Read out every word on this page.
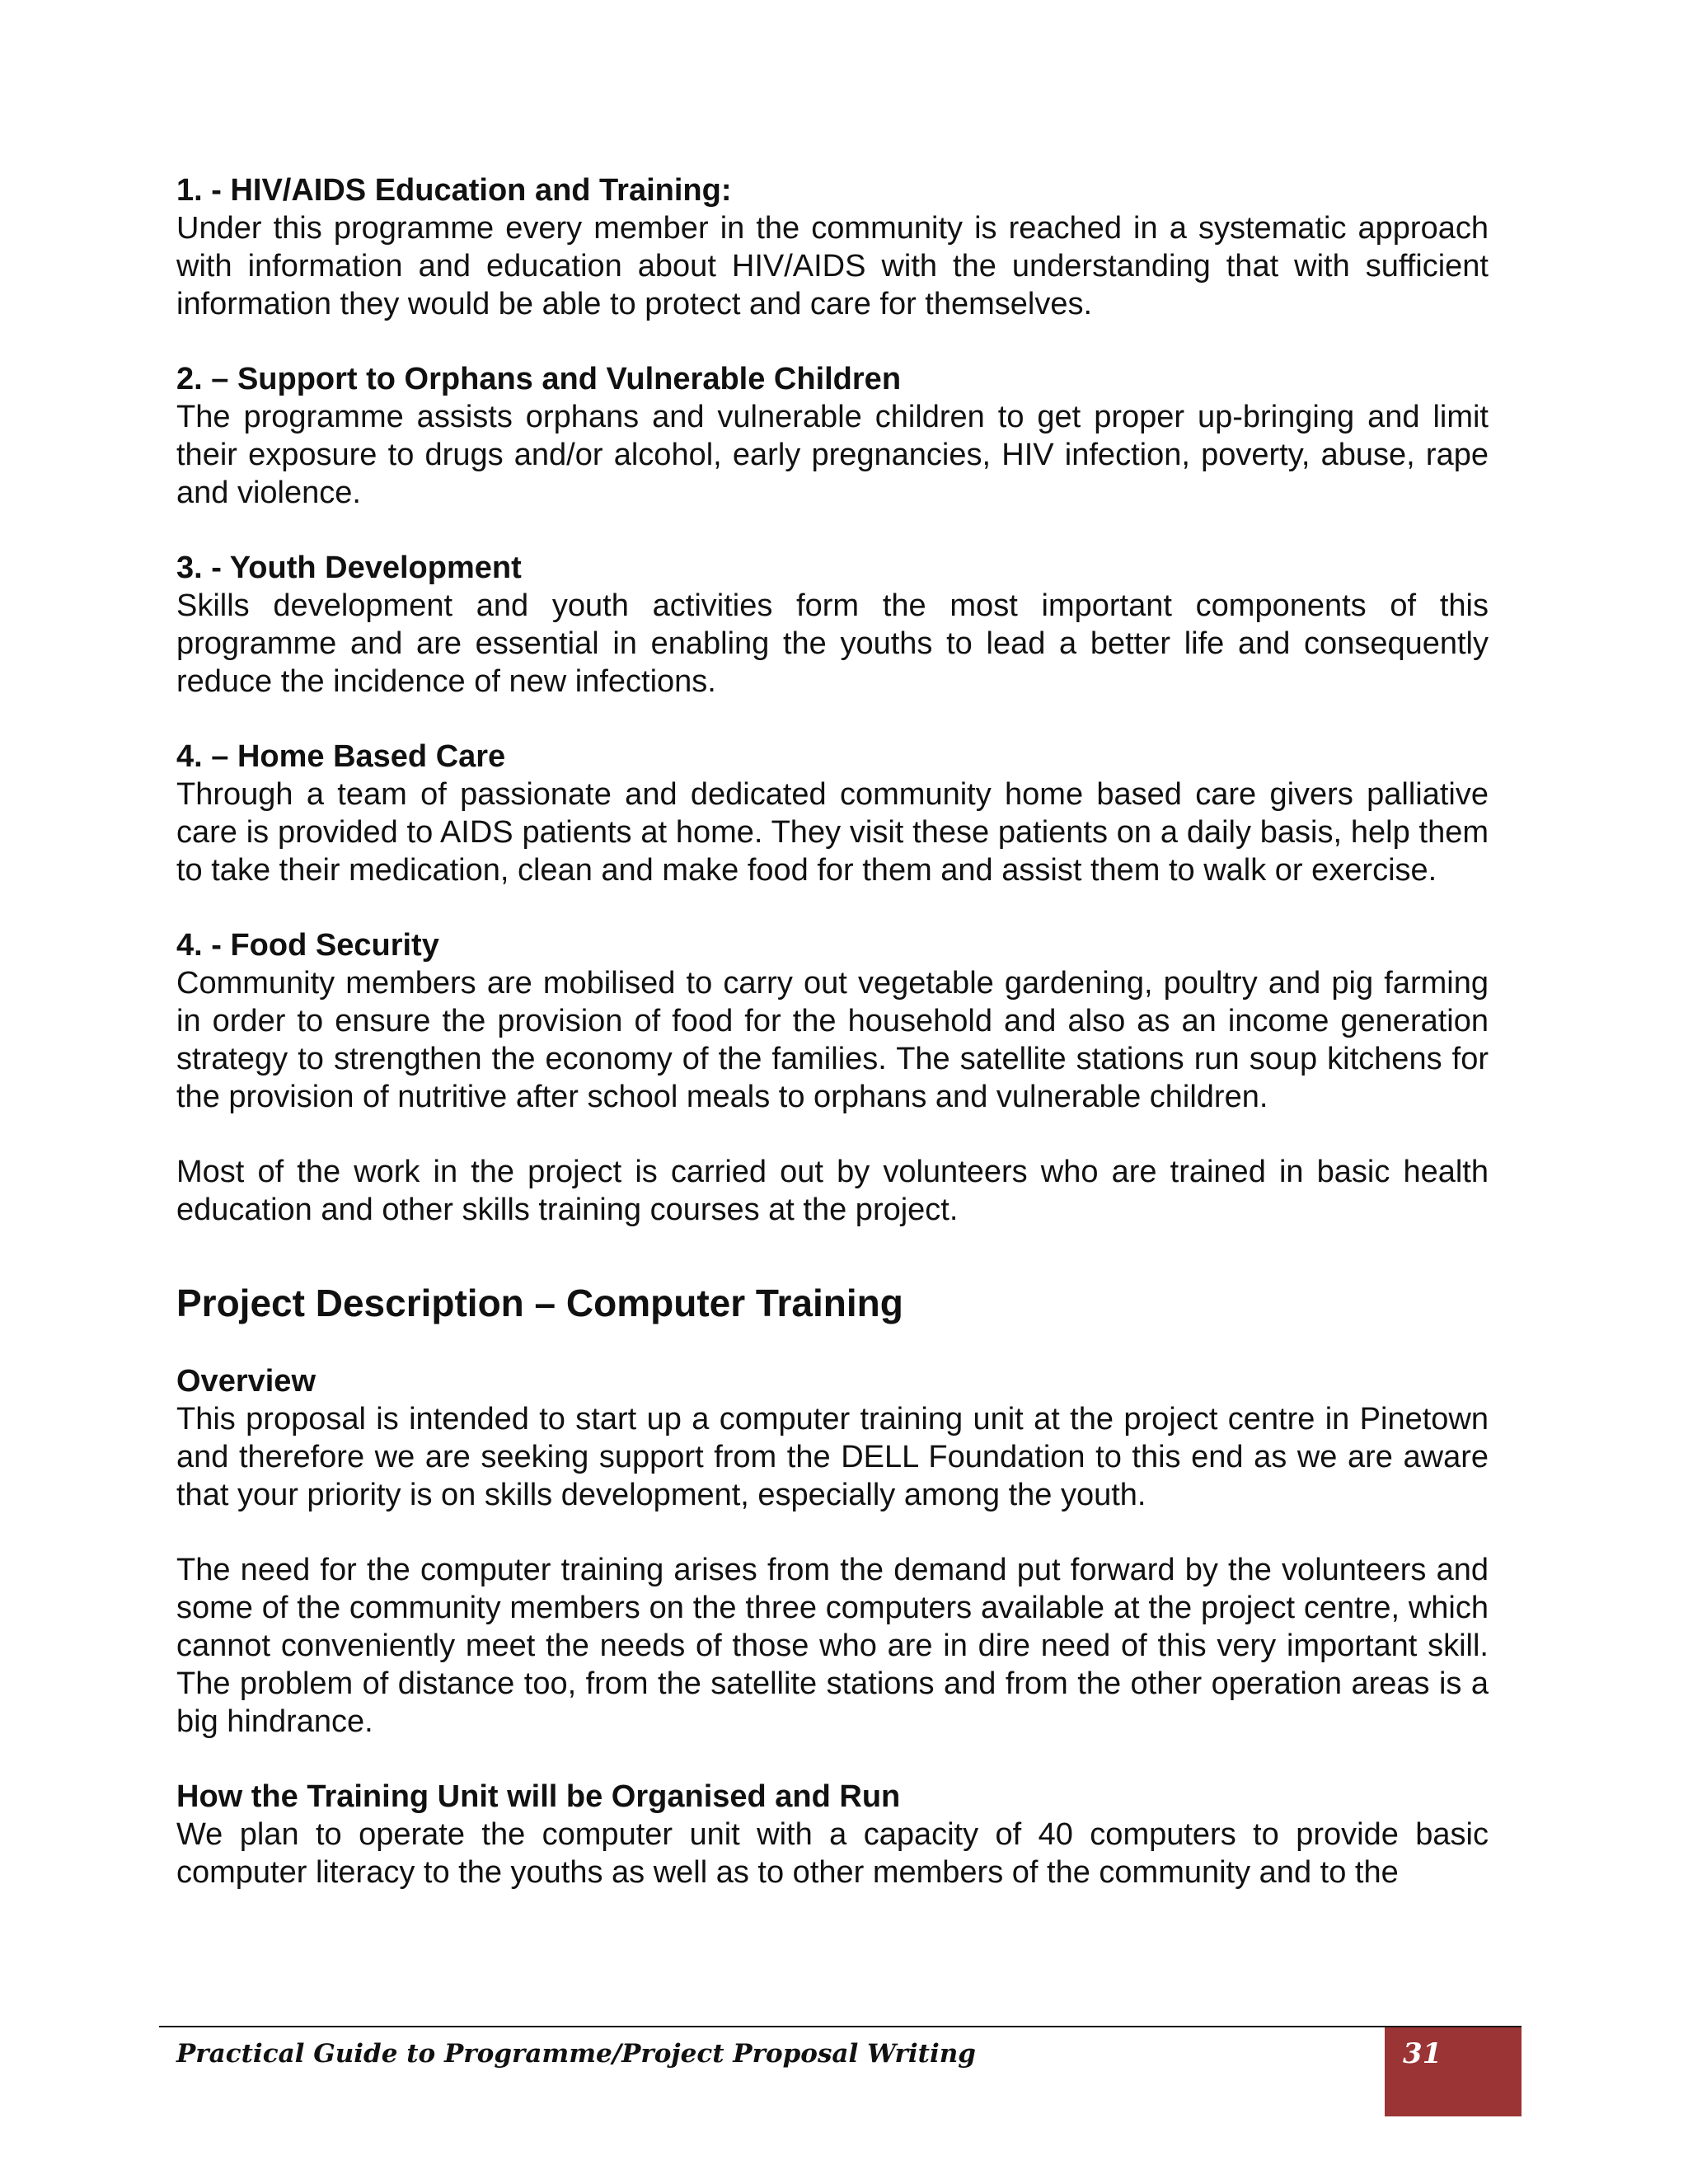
1. - HIV/AIDS Education and Training:

Under this programme every member in the community is reached in a systematic approach with information and education about HIV/AIDS with the understanding that with sufficient information they would be able to protect and care for themselves.

2. – Support to Orphans and Vulnerable Children

The programme assists orphans and vulnerable children to get proper up-bringing and limit their exposure to drugs and/or alcohol, early pregnancies, HIV infection, poverty, abuse, rape and violence.

3. - Youth Development

Skills development and youth activities form the most important components of this programme and are essential in enabling the youths to lead a better life and consequently reduce the incidence of new infections.

4. – Home Based Care

Through a team of passionate and dedicated community home based care givers palliative care is provided to AIDS patients at home. They visit these patients on a daily basis, help them to take their medication, clean and make food for them and assist them to walk or exercise.

4. - Food Security

Community members are mobilised to carry out vegetable gardening, poultry and pig farming in order to ensure the provision of food for the household and also as an income generation strategy to strengthen the economy of the families. The satellite stations run soup kitchens for the provision of nutritive after school meals to orphans and vulnerable children.

Most of the work in the project is carried out by volunteers who are trained in basic health education and other skills training courses at the project.

Project Description – Computer Training

Overview

This proposal is intended to start up a computer training unit at the project centre in Pinetown and therefore we are seeking support from the DELL Foundation to this end as we are aware that your priority is on skills development, especially among the youth.

The need for the computer training arises from the demand put forward by the volunteers and some of the community members on the three computers available at the project centre, which cannot conveniently meet the needs of those who are in dire need of this very important skill. The problem of distance too, from the satellite stations and from the other operation areas is a big hindrance.

How the Training Unit will be Organised and Run

We plan to operate the computer unit with a capacity of 40 computers to provide basic computer literacy to the youths as well as to other members of the community and to the

Practical Guide to Programme/Project Proposal Writing	31
